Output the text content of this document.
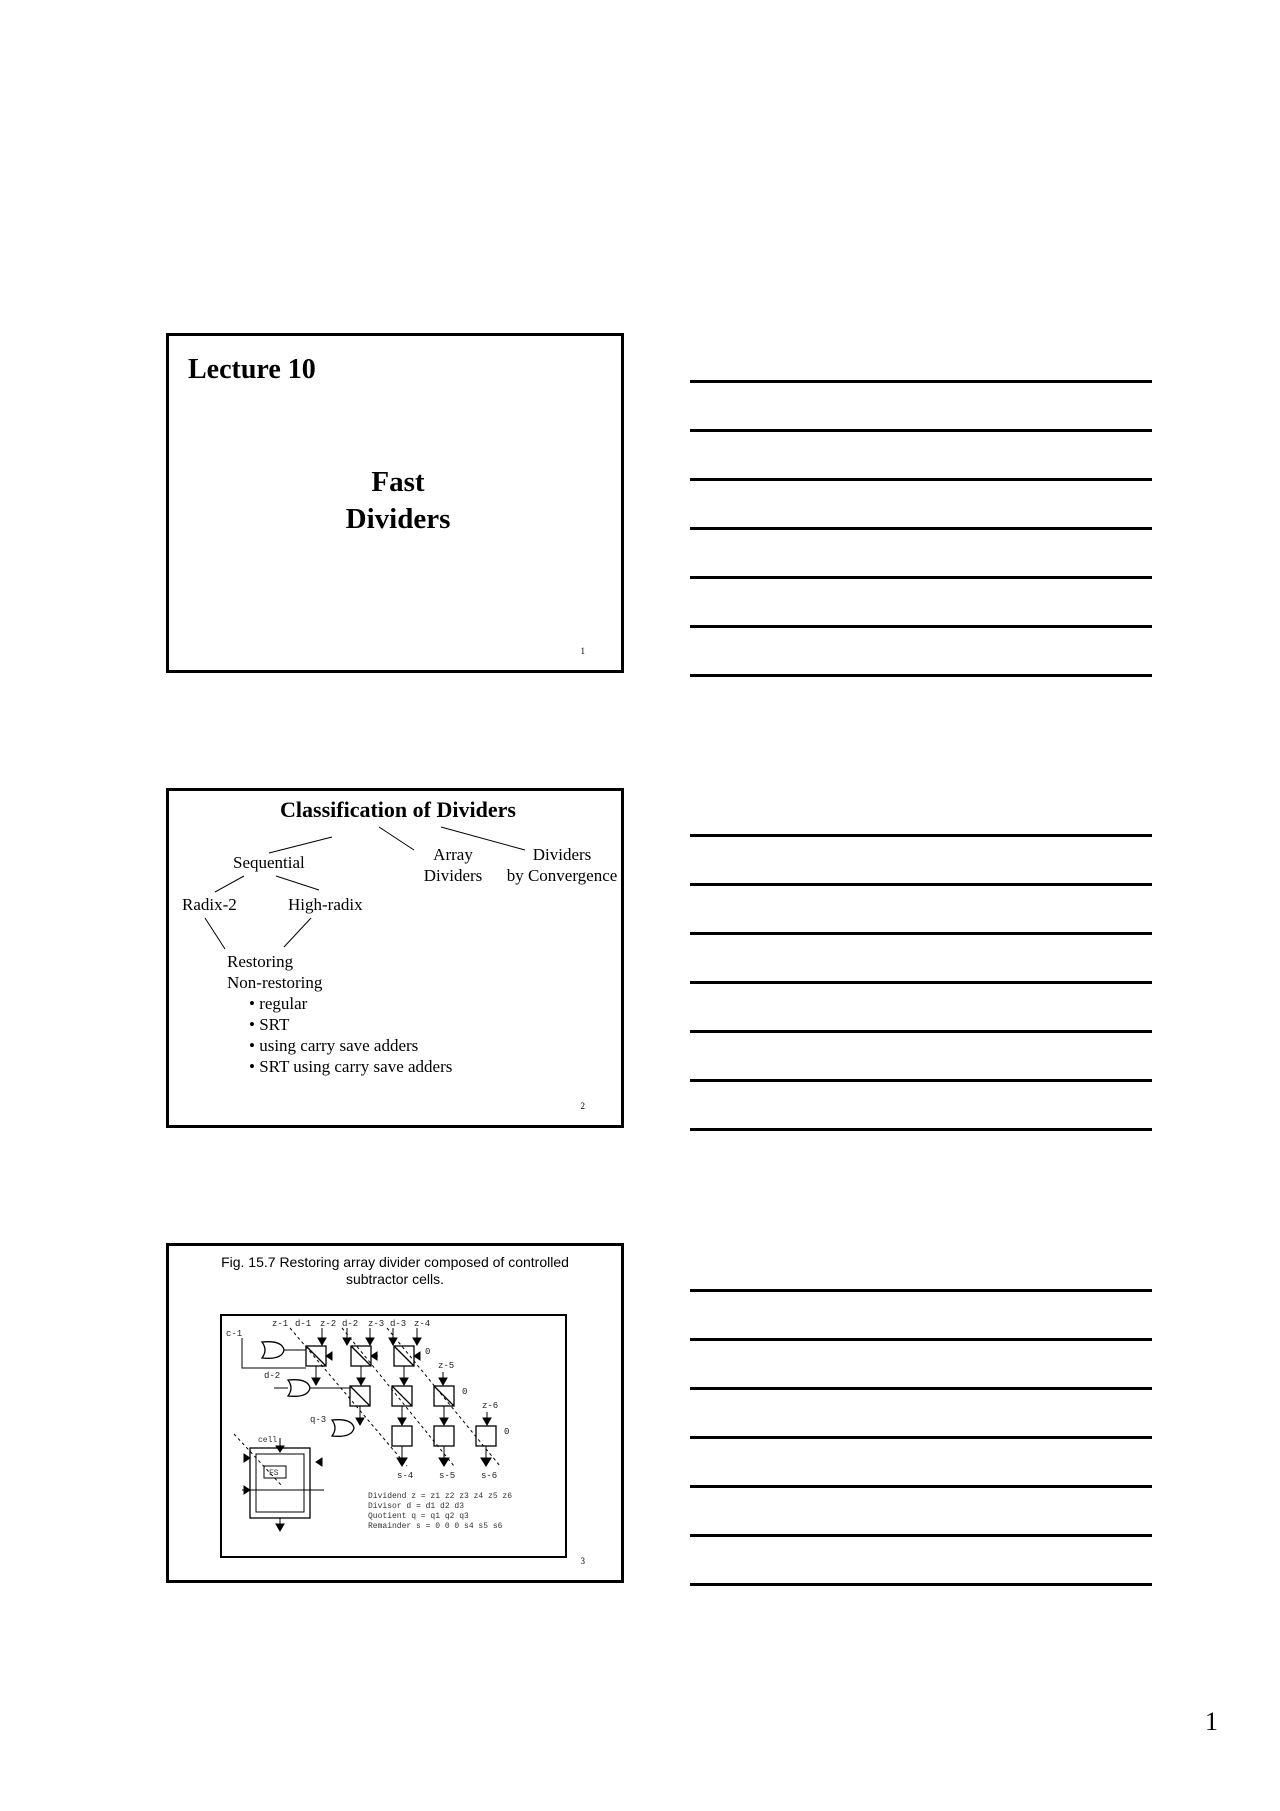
Lecture 10
Fast
Dividers
1
Classification of Dividers
Sequential	Array
Dividers
Dividers
by Convergence
Radix-2	High-radix
Restoring
Non-restoring
• regular
• SRT
• using carry save adders
• SRT using carry save adders
2
Fig. 15.7 Restoring array divider composed of controlled subtractor cells.
z-1 d-1 z-2 d-2 z-3 d-3 z-4
0
c-1
z-5
d-2
0
z-6
q-3
0
s-4	s-5	s-6
cell
FS
Dividend z = z1 z2 z3 z4 z5 z6
Divisor d = d1 d2 d3
Quotient q = q1 q2 q3
Remainder s = 0 0 0 s4 s5 s6
3
1
